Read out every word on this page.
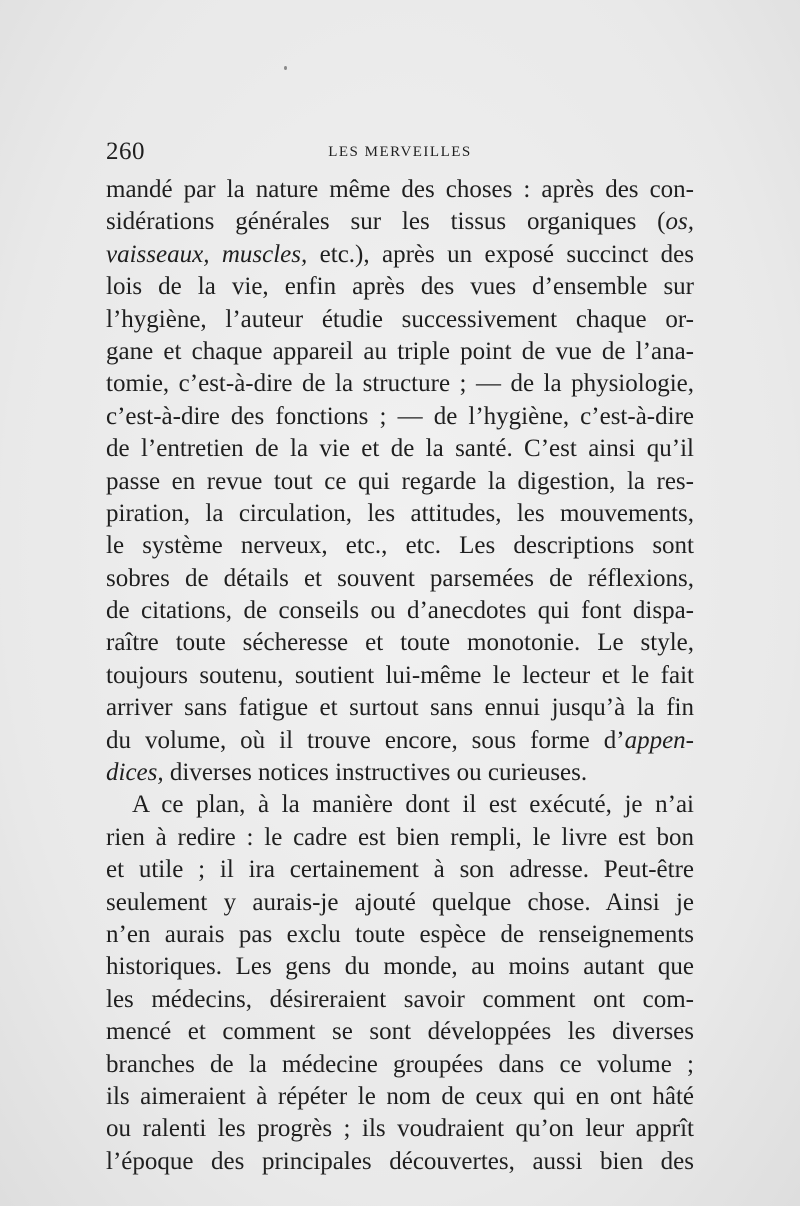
260	LES MERVEILLES
mandé par la nature même des choses : après des con-
sidérations générales sur les tissus organiques (os,
vaisseaux, muscles, etc.), après un exposé succinct des
lois de la vie, enfin après des vues d’ensemble sur
l’hygiène, l’auteur étudie successivement chaque or-
gane et chaque appareil au triple point de vue de l’ana-
tomie, c’est-à-dire de la structure ; — de la physiologie,
c’est-à-dire des fonctions ; — de l’hygiène, c’est-à-dire
de l’entretien de la vie et de la santé. C’est ainsi qu’il
passe en revue tout ce qui regarde la digestion, la res-
piration, la circulation, les attitudes, les mouvements,
le système nerveux, etc., etc. Les descriptions sont
sobres de détails et souvent parsemées de réflexions,
de citations, de conseils ou d’anecdotes qui font dispa-
raître toute sécheresse et toute monotonie. Le style,
toujours soutenu, soutient lui-même le lecteur et le fait
arriver sans fatigue et surtout sans ennui jusqu’à la fin
du volume, où il trouve encore, sous forme d’appen-
dices, diverses notices instructives ou curieuses.
A ce plan, à la manière dont il est exécuté, je n’ai
rien à redire : le cadre est bien rempli, le livre est bon
et utile ; il ira certainement à son adresse. Peut-être
seulement y aurais-je ajouté quelque chose. Ainsi je
n’en aurais pas exclu toute espèce de renseignements
historiques. Les gens du monde, au moins autant que
les médecins, désireraient savoir comment ont com-
mencé et comment se sont développées les diverses
branches de la médecine groupées dans ce volume ;
ils aimeraient à répéter le nom de ceux qui en ont hâté
ou ralenti les progrès ; ils voudraient qu’on leur apprît
l’époque des principales découvertes, aussi bien des
